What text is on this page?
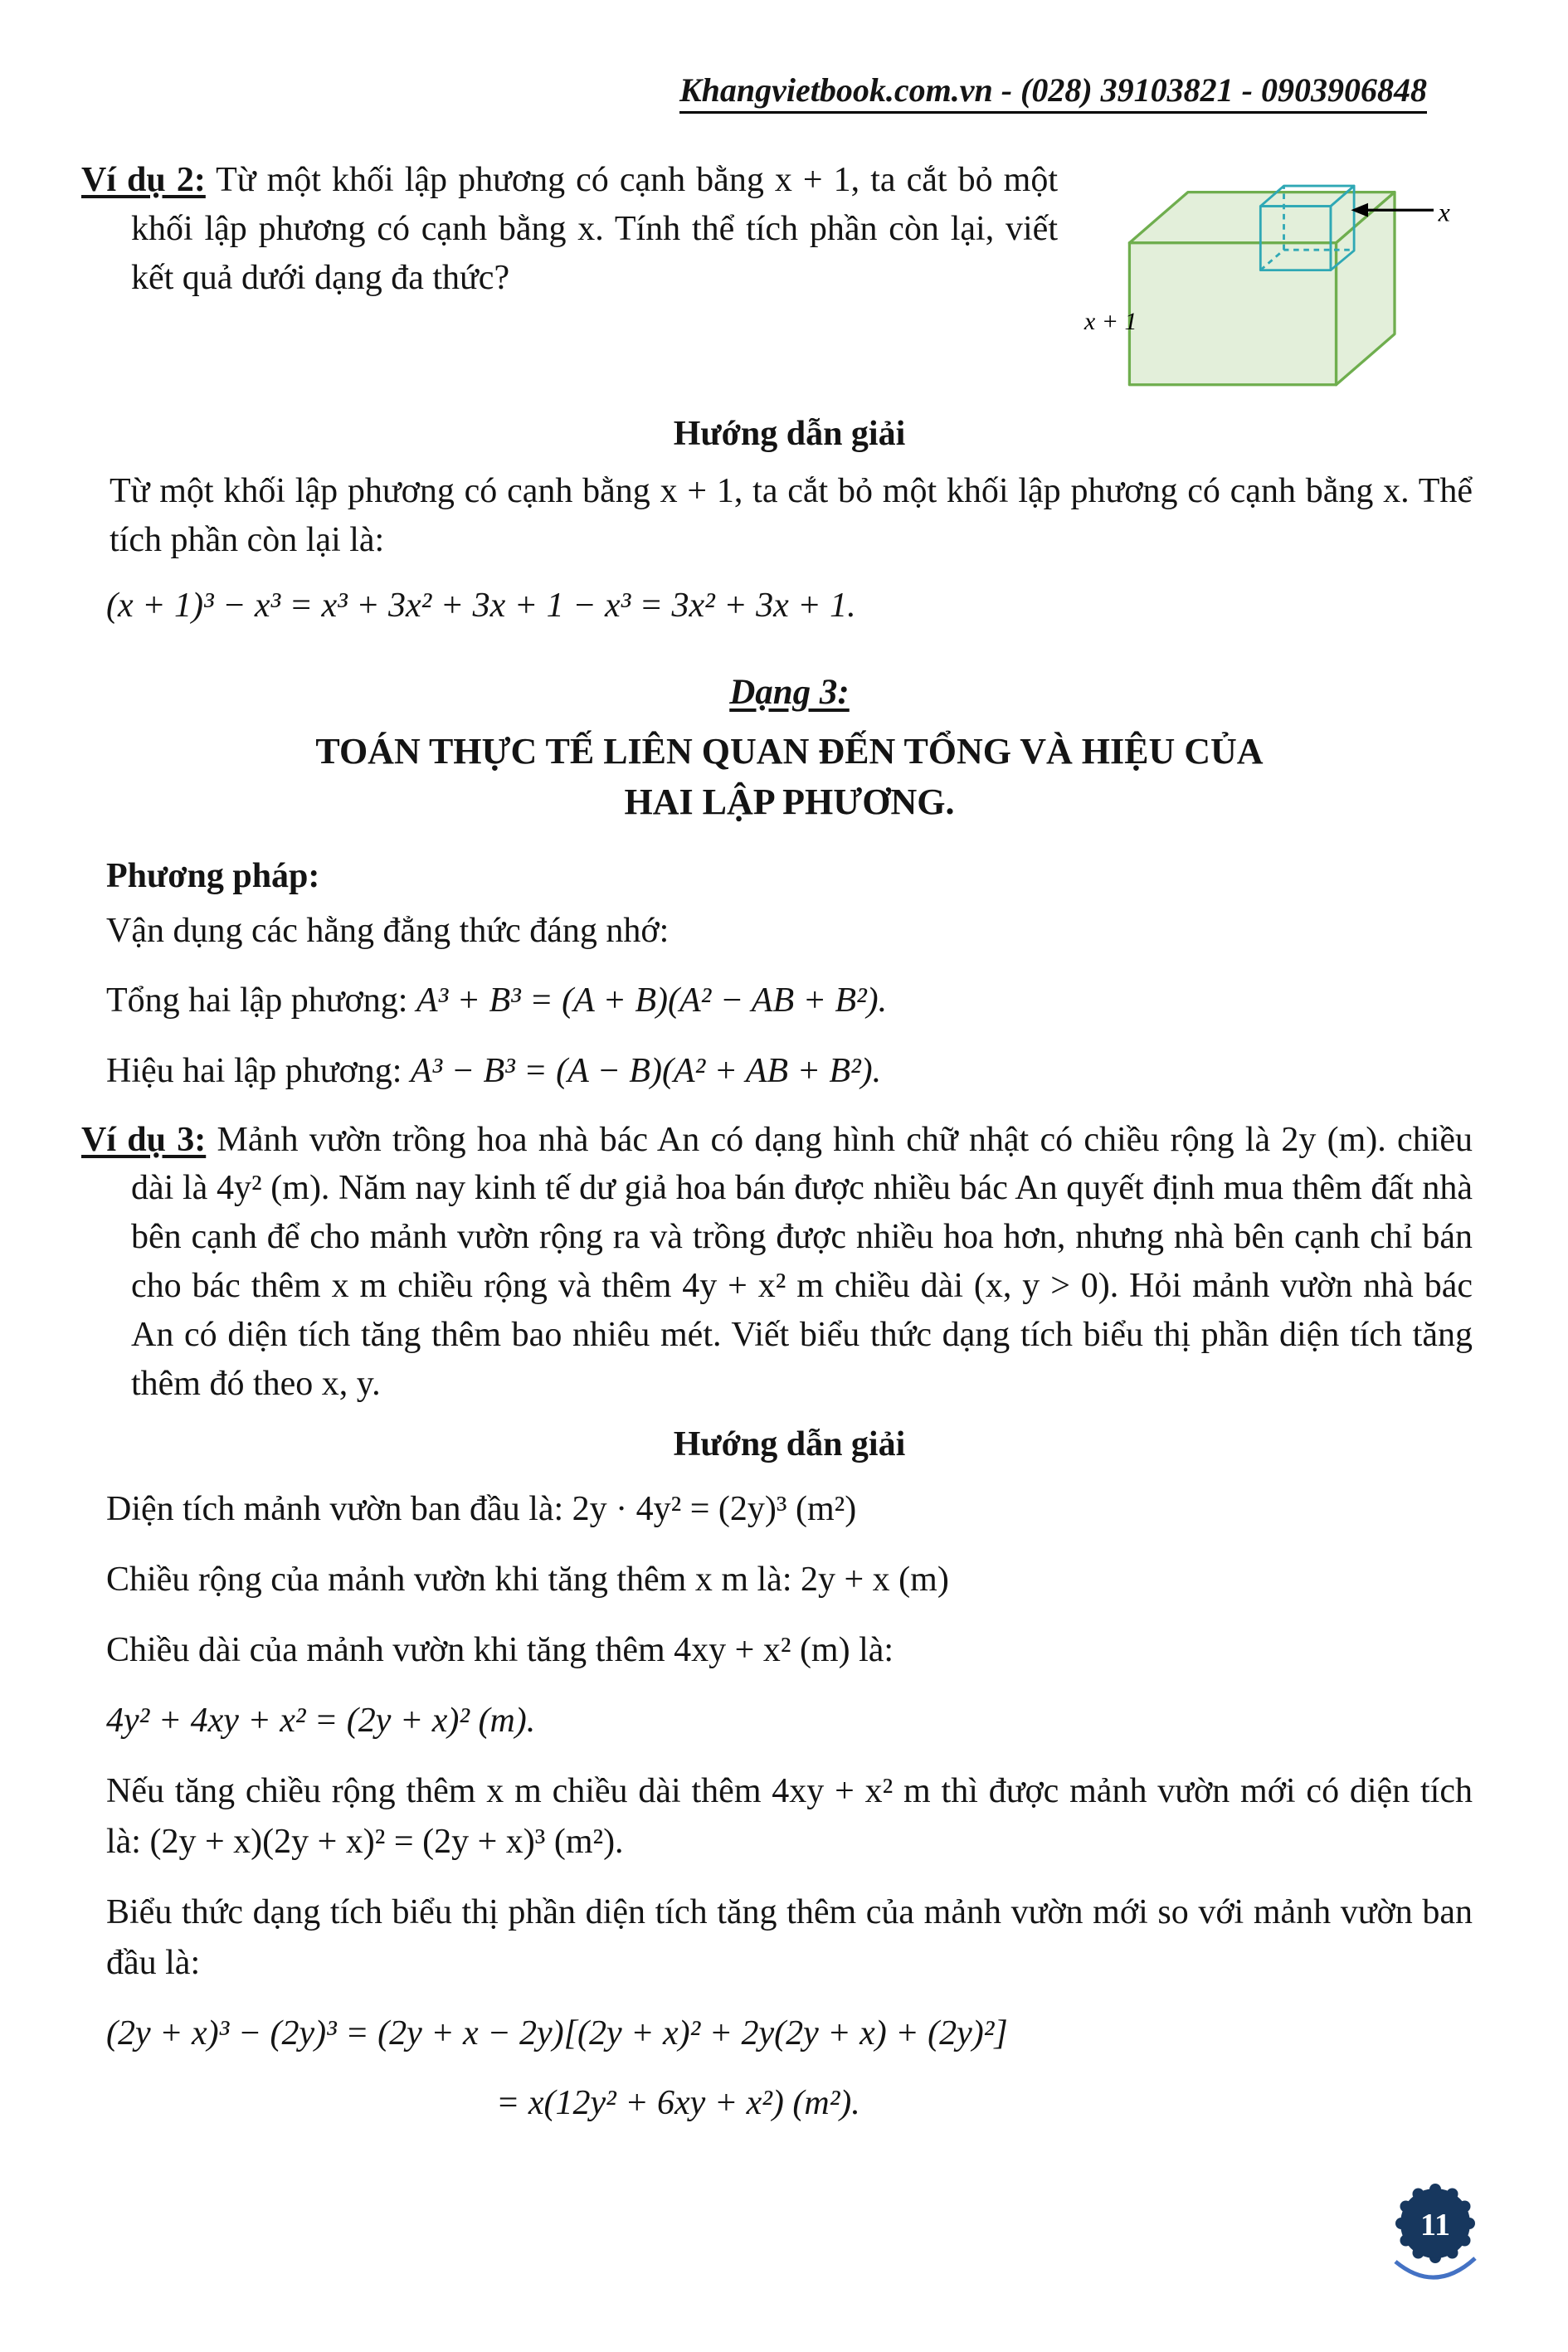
Khangvietbook.com.vn - (028) 39103821 - 0903906848
x
x + 1

Ví dụ 2: Từ một khối lập phương có cạnh bằng x + 1, ta cắt bỏ một khối lập phương có cạnh bằng x. Tính thể tích phần còn lại, viết kết quả dưới dạng đa thức?

Hướng dẫn giải

Từ một khối lập phương có cạnh bằng x + 1, ta cắt bỏ một khối lập phương có cạnh bằng x. Thể tích phần còn lại là:

(x + 1)³ − x³ = x³ + 3x² + 3x + 1 − x³ = 3x² + 3x + 1.

Dạng 3:
TOÁN THỰC TẾ LIÊN QUAN ĐẾN TỔNG VÀ HIỆU CỦA
HAI LẬP PHƯƠNG.

Phương pháp:

Vận dụng các hằng đẳng thức đáng nhớ:

Tổng hai lập phương: A³ + B³ = (A + B)(A² − AB + B²).

Hiệu hai lập phương: A³ − B³ = (A − B)(A² + AB + B²).

Ví dụ 3: Mảnh vườn trồng hoa nhà bác An có dạng hình chữ nhật có chiều rộng là 2y (m). chiều dài là 4y² (m). Năm nay kinh tế dư giả hoa bán được nhiều bác An quyết định mua thêm đất nhà bên cạnh để cho mảnh vườn rộng ra và trồng được nhiều hoa hơn, nhưng nhà bên cạnh chỉ bán cho bác thêm x m chiều rộng và thêm 4y + x² m chiều dài (x, y > 0). Hỏi mảnh vườn nhà bác An có diện tích tăng thêm bao nhiêu mét. Viết biểu thức dạng tích biểu thị phần diện tích tăng thêm đó theo x, y.

Hướng dẫn giải

Diện tích mảnh vườn ban đầu là: 2y · 4y² = (2y)³ (m²)

Chiều rộng của mảnh vườn khi tăng thêm x m là: 2y + x (m)

Chiều dài của mảnh vườn khi tăng thêm 4xy + x² (m) là:

4y² + 4xy + x² = (2y + x)² (m).

Nếu tăng chiều rộng thêm x m chiều dài thêm 4xy + x² m thì được mảnh vườn mới có diện tích là: (2y + x)(2y + x)² = (2y + x)³ (m²).

Biểu thức dạng tích biểu thị phần diện tích tăng thêm của mảnh vườn mới so với mảnh vườn ban đầu là:

(2y + x)³ − (2y)³ = (2y + x − 2y)[(2y + x)² + 2y(2y + x) + (2y)²]

= x(12y² + 6xy + x²) (m²).

11
